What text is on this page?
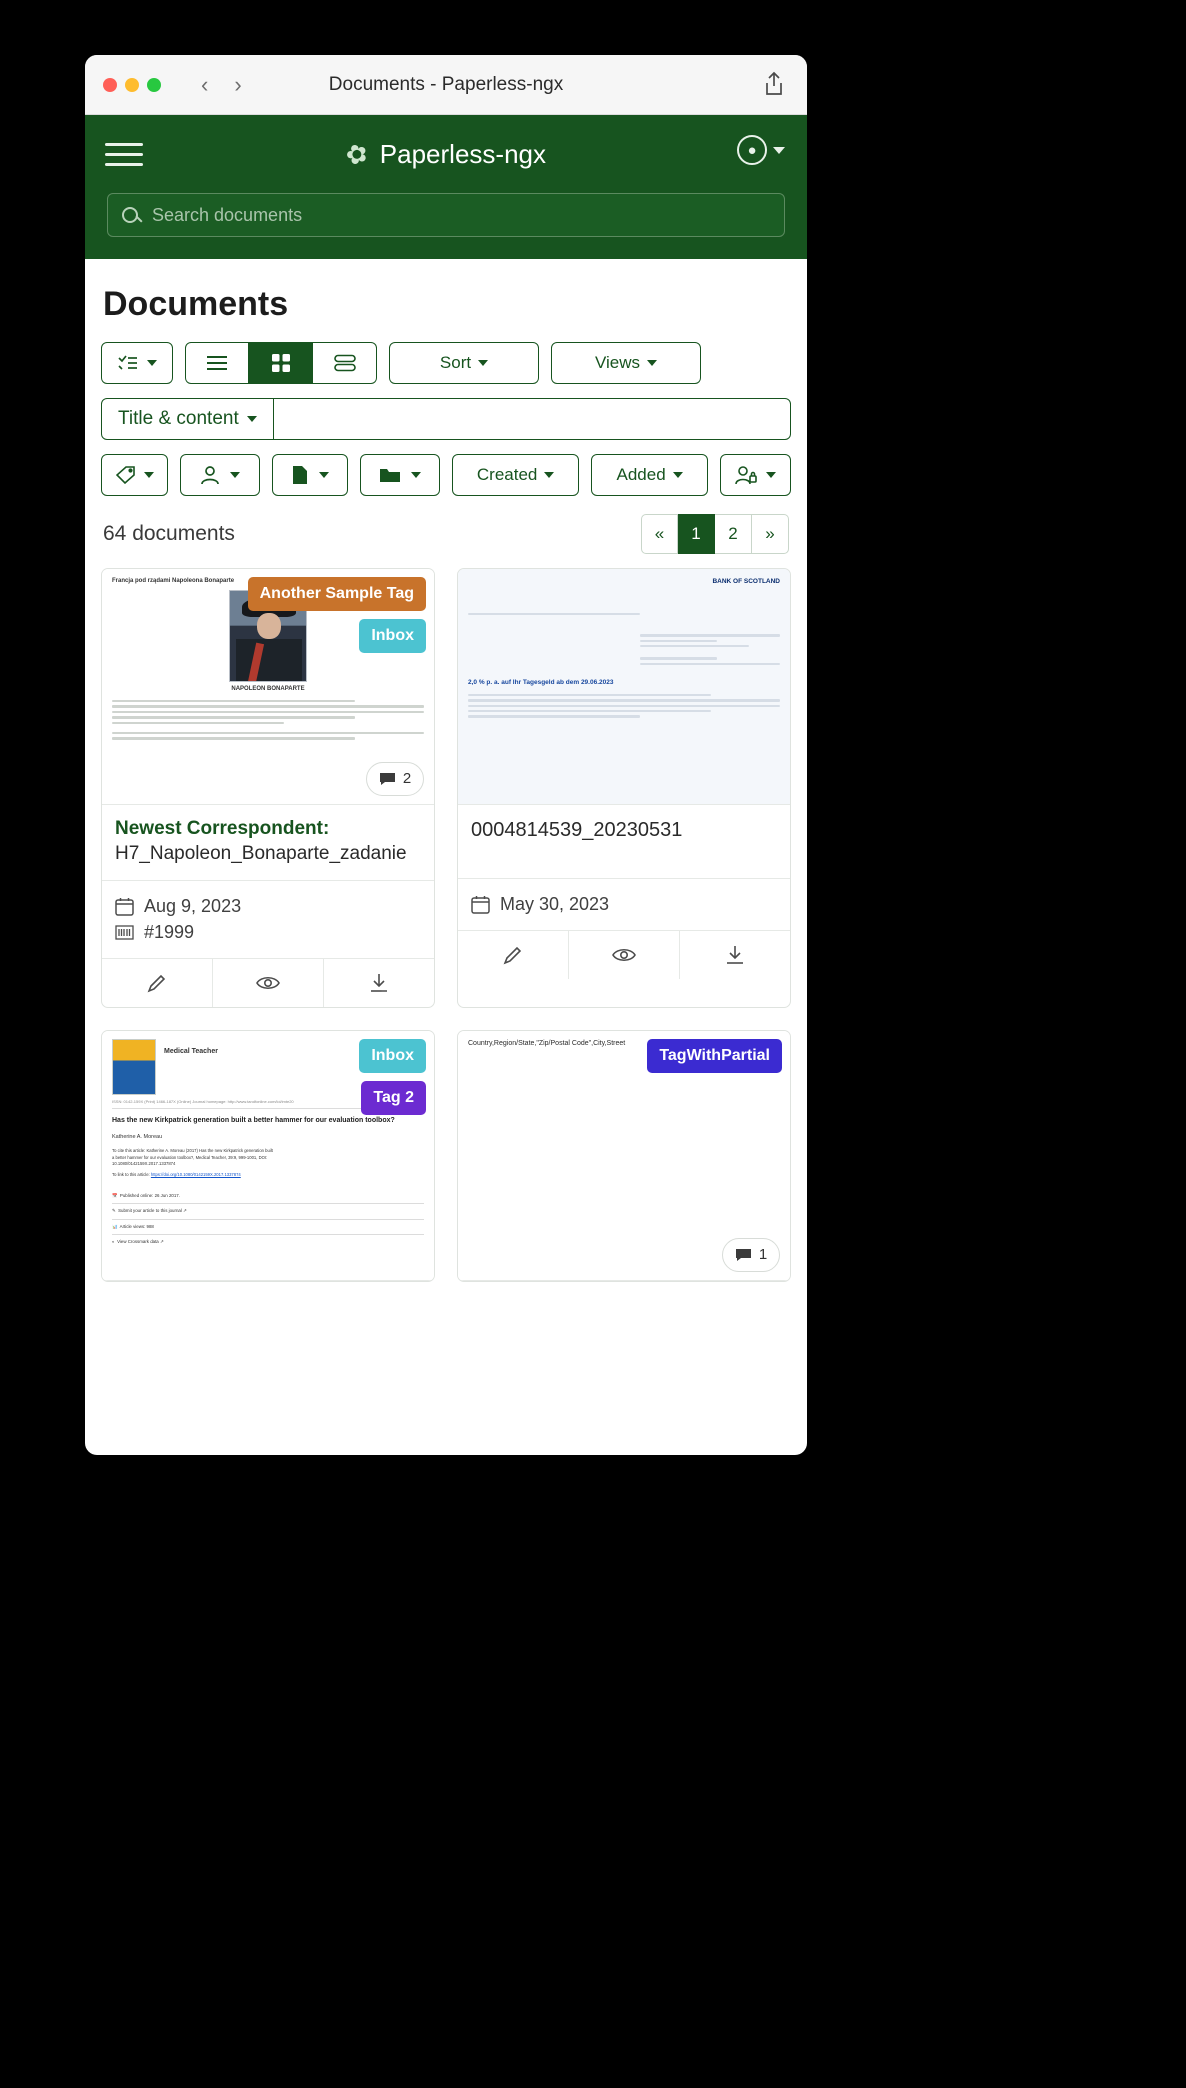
‹ ›	Documents - Paperless-ngx
✿ Paperless-ngx	●
Search documents
Documents
Sort	Views
Title & content
Created	Added
64 documents	«	1	2	»
Francja pod rządami Napoleona Bonaparte
NAPOLEON BONAPARTE
Another Sample Tag
Inbox
2
Newest Correspondent:
H7_Napoleon_Bonaparte_zadanie
Aug 9, 2023
#1999
BANK OF SCOTLAND
2,0 % p. a. auf Ihr Tagesgeld ab dem 29.06.2023
0004814539_20230531
May 30, 2023
Medical Teacher
ISSN: 0142-159X (Print) 1466-187X (Online) Journal homepage: http://www.tandfonline.com/loi/imte20
Has the new Kirkpatrick generation built a better hammer for our evaluation toolbox?
Katherine A. Moreau
To cite this article: Katherine A. Moreau (2017) Has the new Kirkpatrick generation built
a better hammer for our evaluation toolbox?, Medical Teacher, 39:9, 999-1001, DOI:
10.1080/0142159X.2017.1337874
To link to this article: https://doi.org/10.1080/0142159X.2017.1337874
📅  Published online: 26 Jun 2017.
✎  Submit your article to this journal ↗
📊  Article views: 988
◐  View Crossmark data ↗
Inbox
Tag 2
Country,Region/State,"Zip/Postal Code",City,Street
TagWithPartial
1
